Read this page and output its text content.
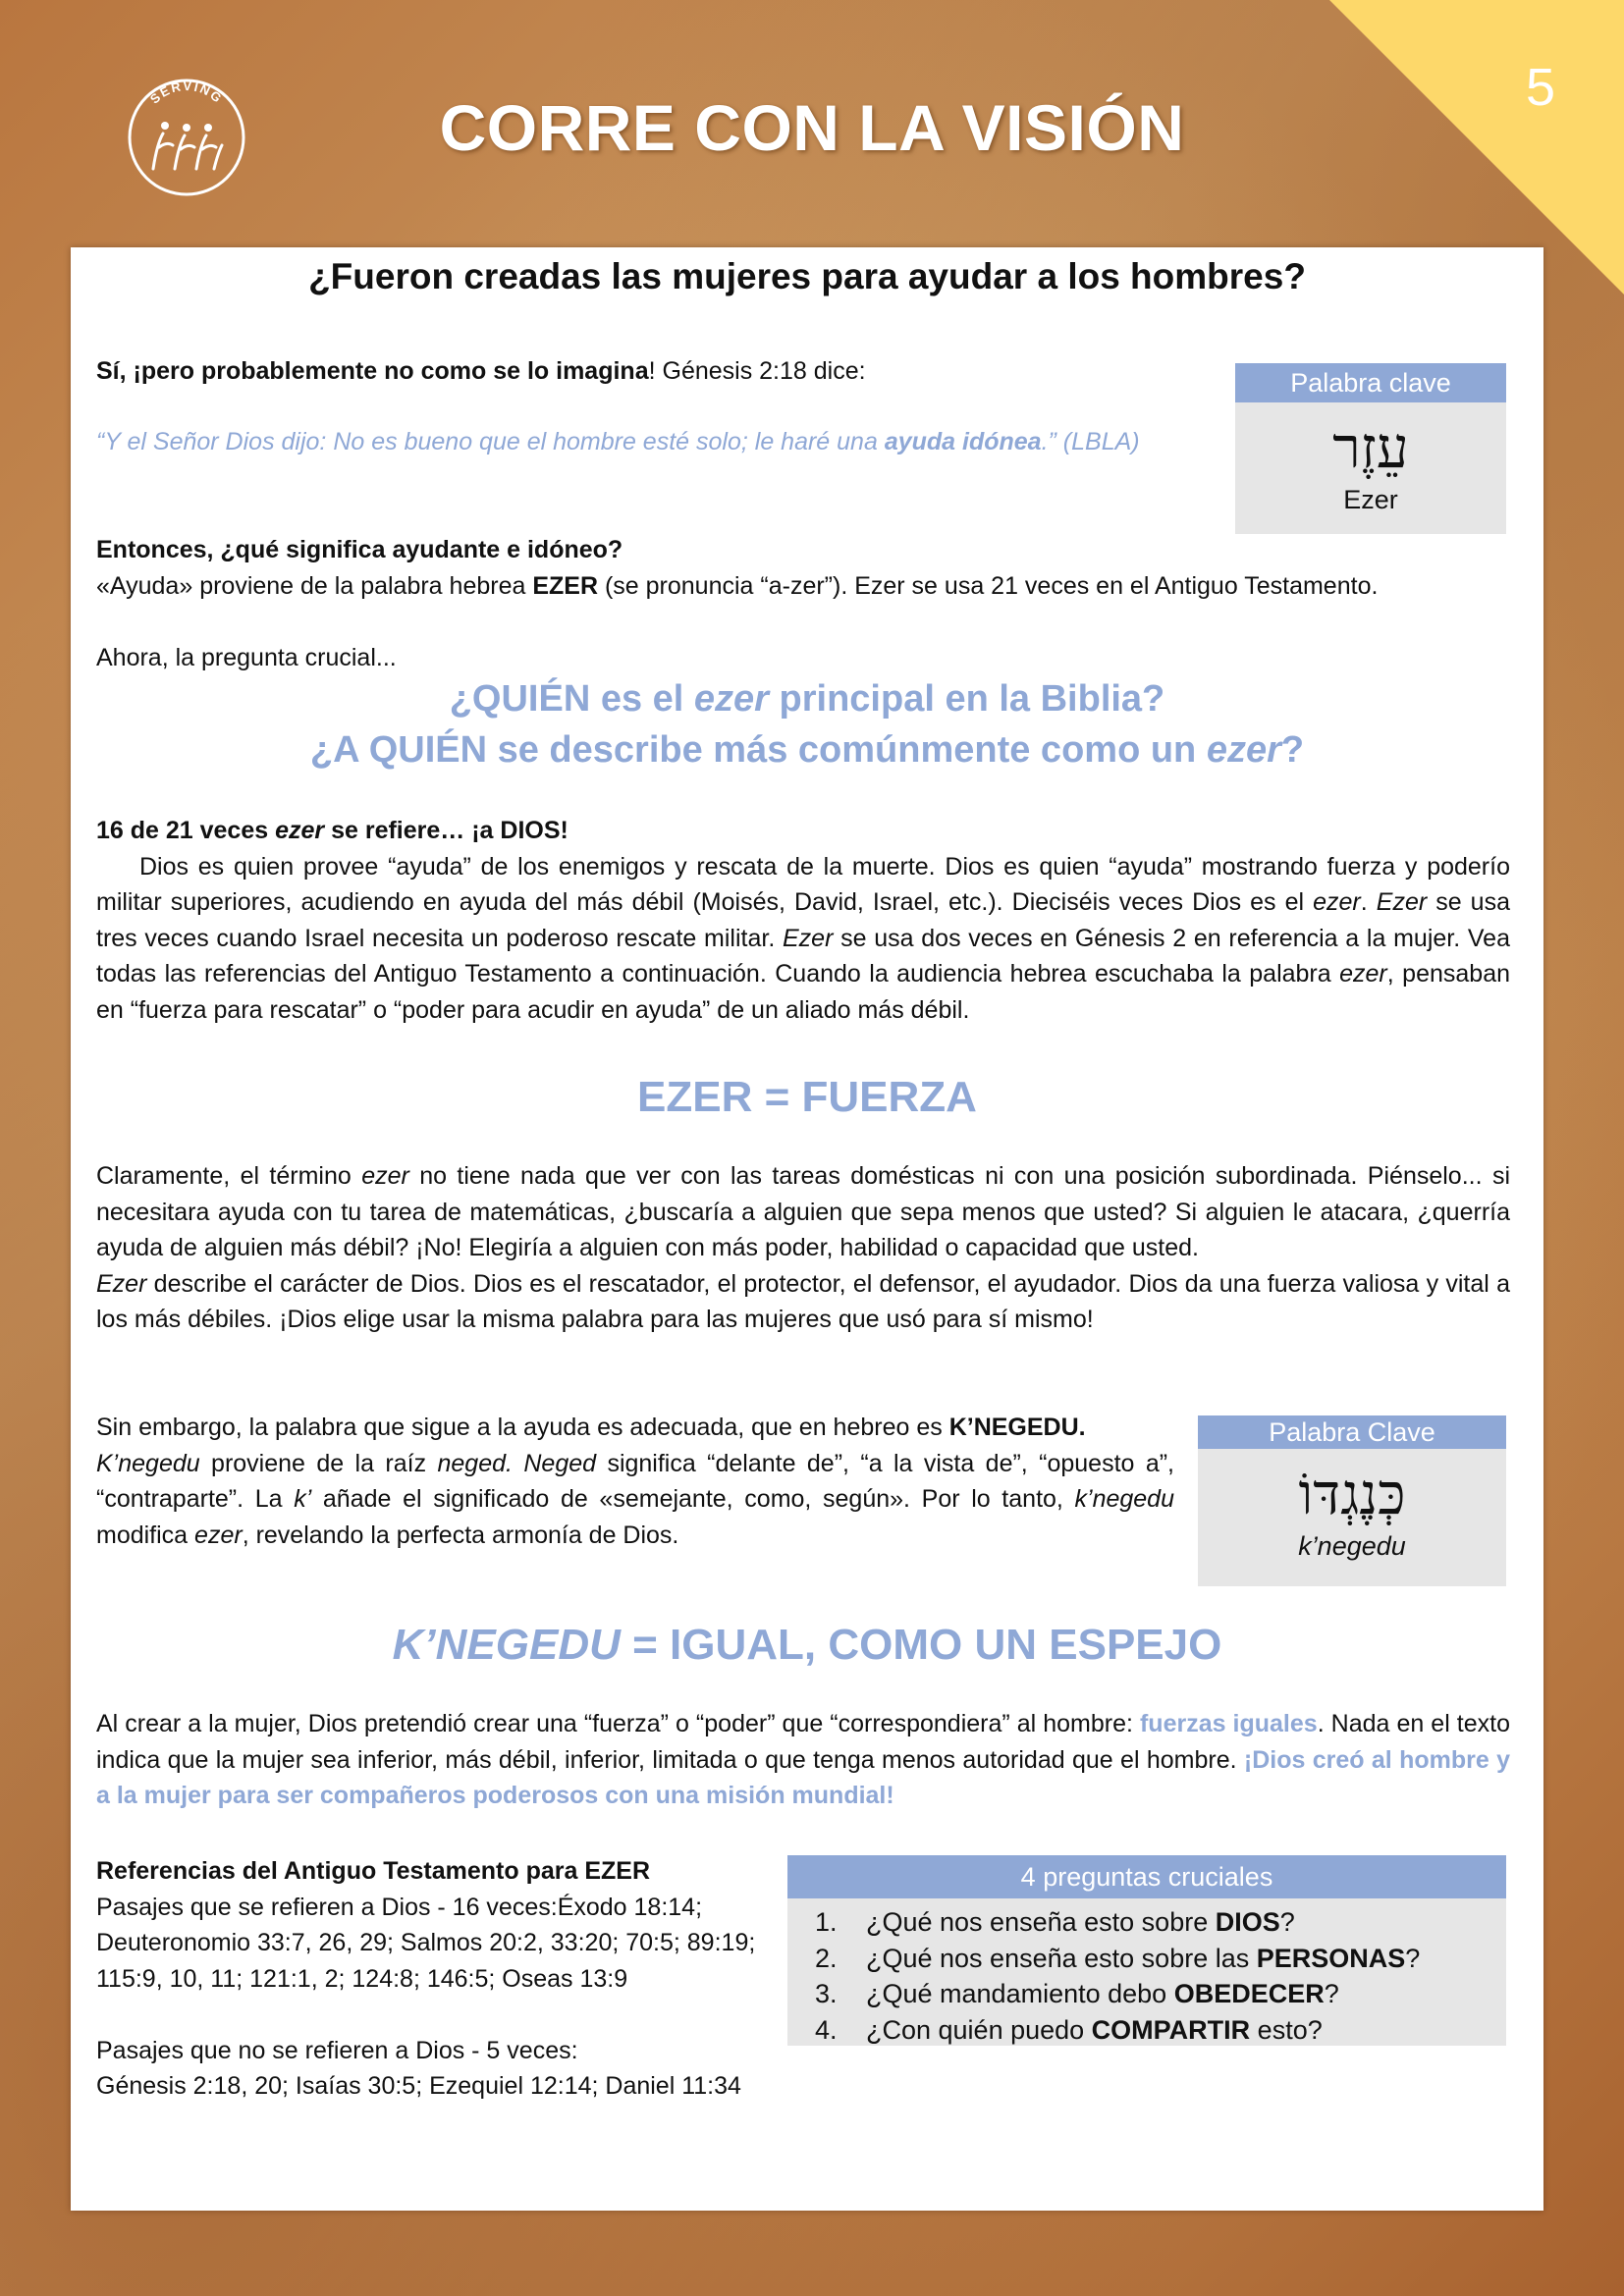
5
SERVING	CORRE CON LA VISIÓN
¿Fueron creadas las mujeres para ayudar a los hombres?
Sí, ¡pero probablemente no como se lo imagina! Génesis 2:18 dice:
“Y el Señor Dios dijo: No es bueno que el hombre esté solo; le haré una ayuda idónea.” (LBLA)
Palabra clave
עֵזֶר
Ezer
Entonces, ¿qué significa ayudante e idóneo?
«Ayuda» proviene de la palabra hebrea EZER (se pronuncia “a-zer”). Ezer se usa 21 veces en el Antiguo Testamento.
Ahora, la pregunta crucial...
¿QUIÉN es el ezer principal en la Biblia?
¿A QUIÉN se describe más comúnmente como un ezer?
16 de 21 veces ezer se refiere… ¡a DIOS!
Dios es quien provee “ayuda” de los enemigos y rescata de la muerte. Dios es quien “ayuda” mostrando fuerza y poderío militar superiores, acudiendo en ayuda del más débil (Moisés, David, Israel, etc.). Dieciséis veces Dios es el ezer. Ezer se usa tres veces cuando Israel necesita un poderoso rescate militar. Ezer se usa dos veces en Génesis 2 en referencia a la mujer. Vea todas las referencias del Antiguo Testamento a continuación. Cuando la audiencia hebrea escuchaba la palabra ezer, pensaban en “fuerza para rescatar” o “poder para acudir en ayuda” de un aliado más débil.
EZER = FUERZA
Claramente, el término ezer no tiene nada que ver con las tareas domésticas ni con una posición subordinada. Piénselo... si necesitara ayuda con tu tarea de matemáticas, ¿buscaría a alguien que sepa menos que usted? Si alguien le atacara, ¿querría ayuda de alguien más débil? ¡No! Elegiría a alguien con más poder, habilidad o capacidad que usted.
Ezer describe el carácter de Dios. Dios es el rescatador, el protector, el defensor, el ayudador. Dios da una fuerza valiosa y vital a los más débiles. ¡Dios elige usar la misma palabra para las mujeres que usó para sí mismo!
Sin embargo, la palabra que sigue a la ayuda es adecuada, que en hebreo es K’NEGEDU.
K’negedu proviene de la raíz neged. Neged significa “delante de”, “a la vista de”, “opuesto a”, “contraparte”. La k’ añade el significado de «semejante, como, según». Por lo tanto, k’negedu modifica ezer, revelando la perfecta armonía de Dios.
Palabra Clave
כְּנֶגְדּוֹ
k’negedu
K’NEGEDU = IGUAL, COMO UN ESPEJO
Al crear a la mujer, Dios pretendió crear una “fuerza” o “poder” que “correspondiera” al hombre: fuerzas iguales. Nada en el texto indica que la mujer sea inferior, más débil, inferior, limitada o que tenga menos autoridad que el hombre. ¡Dios creó al hombre y a la mujer para ser compañeros poderosos con una misión mundial!
Referencias del Antiguo Testamento para EZER
Pasajes que se refieren a Dios - 16 veces:Éxodo 18:14; Deuteronomio 33:7, 26, 29; Salmos 20:2, 33:20; 70:5; 89:19; 115:9, 10, 11; 121:1, 2; 124:8; 146:5; Oseas 13:9

Pasajes que no se refieren a Dios - 5 veces:
Génesis 2:18, 20; Isaías 30:5; Ezequiel 12:14; Daniel 11:34
4 preguntas cruciales
1. ¿Qué nos enseña esto sobre DIOS?
2. ¿Qué nos enseña esto sobre las PERSONAS?
3. ¿Qué mandamiento debo OBEDECER?
4. ¿Con quién puedo COMPARTIR esto?
